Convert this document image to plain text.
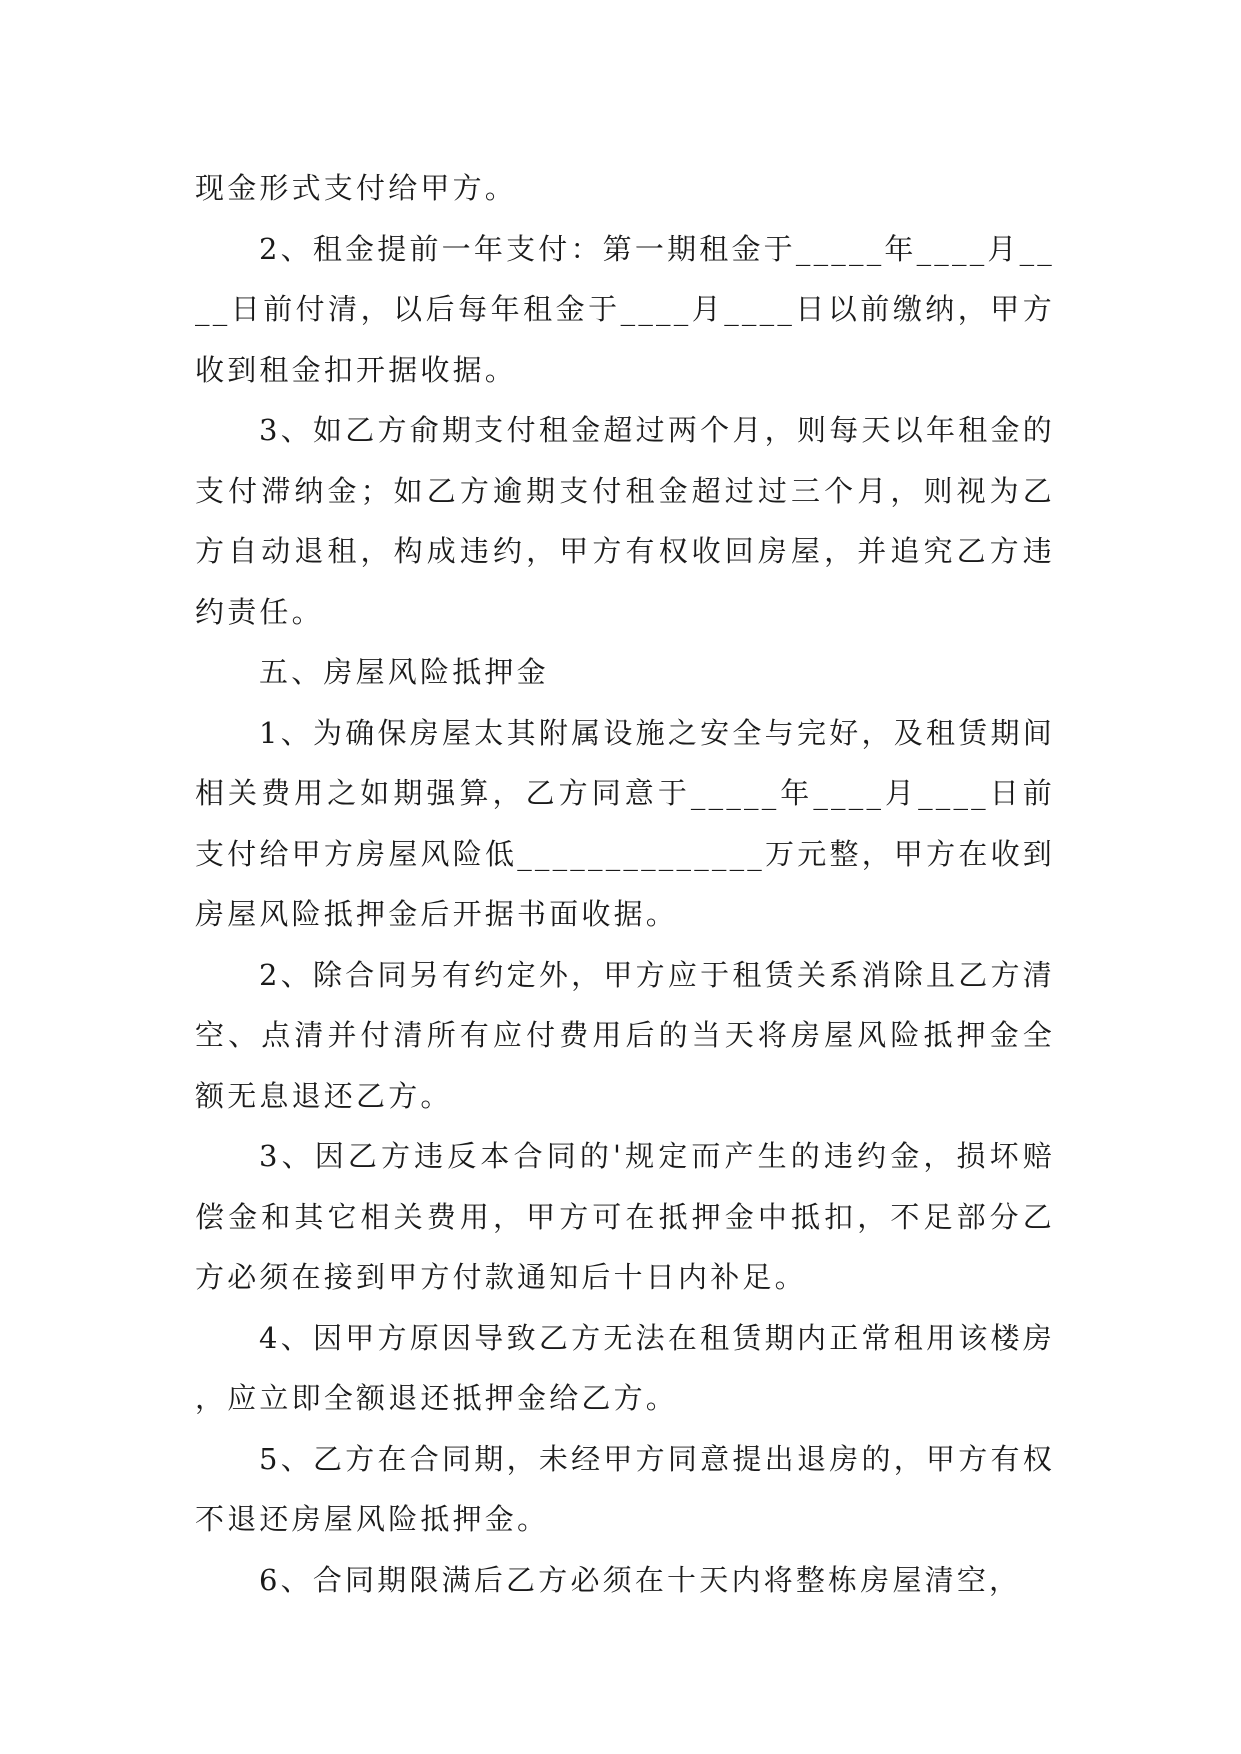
现金形式支付给甲方。

2、租金提前一年支付：第一期租金于_____年____月____日前付清，以后每年租金于____月____日以前缴纳，甲方收到租金扣开据收据。

3、如乙方俞期支付租金超过两个月，则每天以年租金的支付滞纳金；如乙方逾期支付租金超过过三个月，则视为乙方自动退租，构成违约，甲方有权收回房屋，并追究乙方违约责任。

五、房屋风险抵押金

1、为确保房屋太其附属设施之安全与完好，及租赁期间相关费用之如期强算，乙方同意于_____年____月____日前支付给甲方房屋风险低______________万元整，甲方在收到房屋风险抵押金后开据书面收据。

2、除合同另有约定外，甲方应于租赁关系消除且乙方清空、点清并付清所有应付费用后的当天将房屋风险抵押金全额无息退还乙方。

3、因乙方违反本合同的'规定而产生的违约金，损坏赔偿金和其它相关费用，甲方可在抵押金中抵扣，不足部分乙方必须在接到甲方付款通知后十日内补足。

4、因甲方原因导致乙方无法在租赁期内正常租用该楼房，应立即全额退还抵押金给乙方。

5、乙方在合同期，未经甲方同意提出退房的，甲方有权不退还房屋风险抵押金。

6、合同期限满后乙方必须在十天内将整栋房屋清空，
